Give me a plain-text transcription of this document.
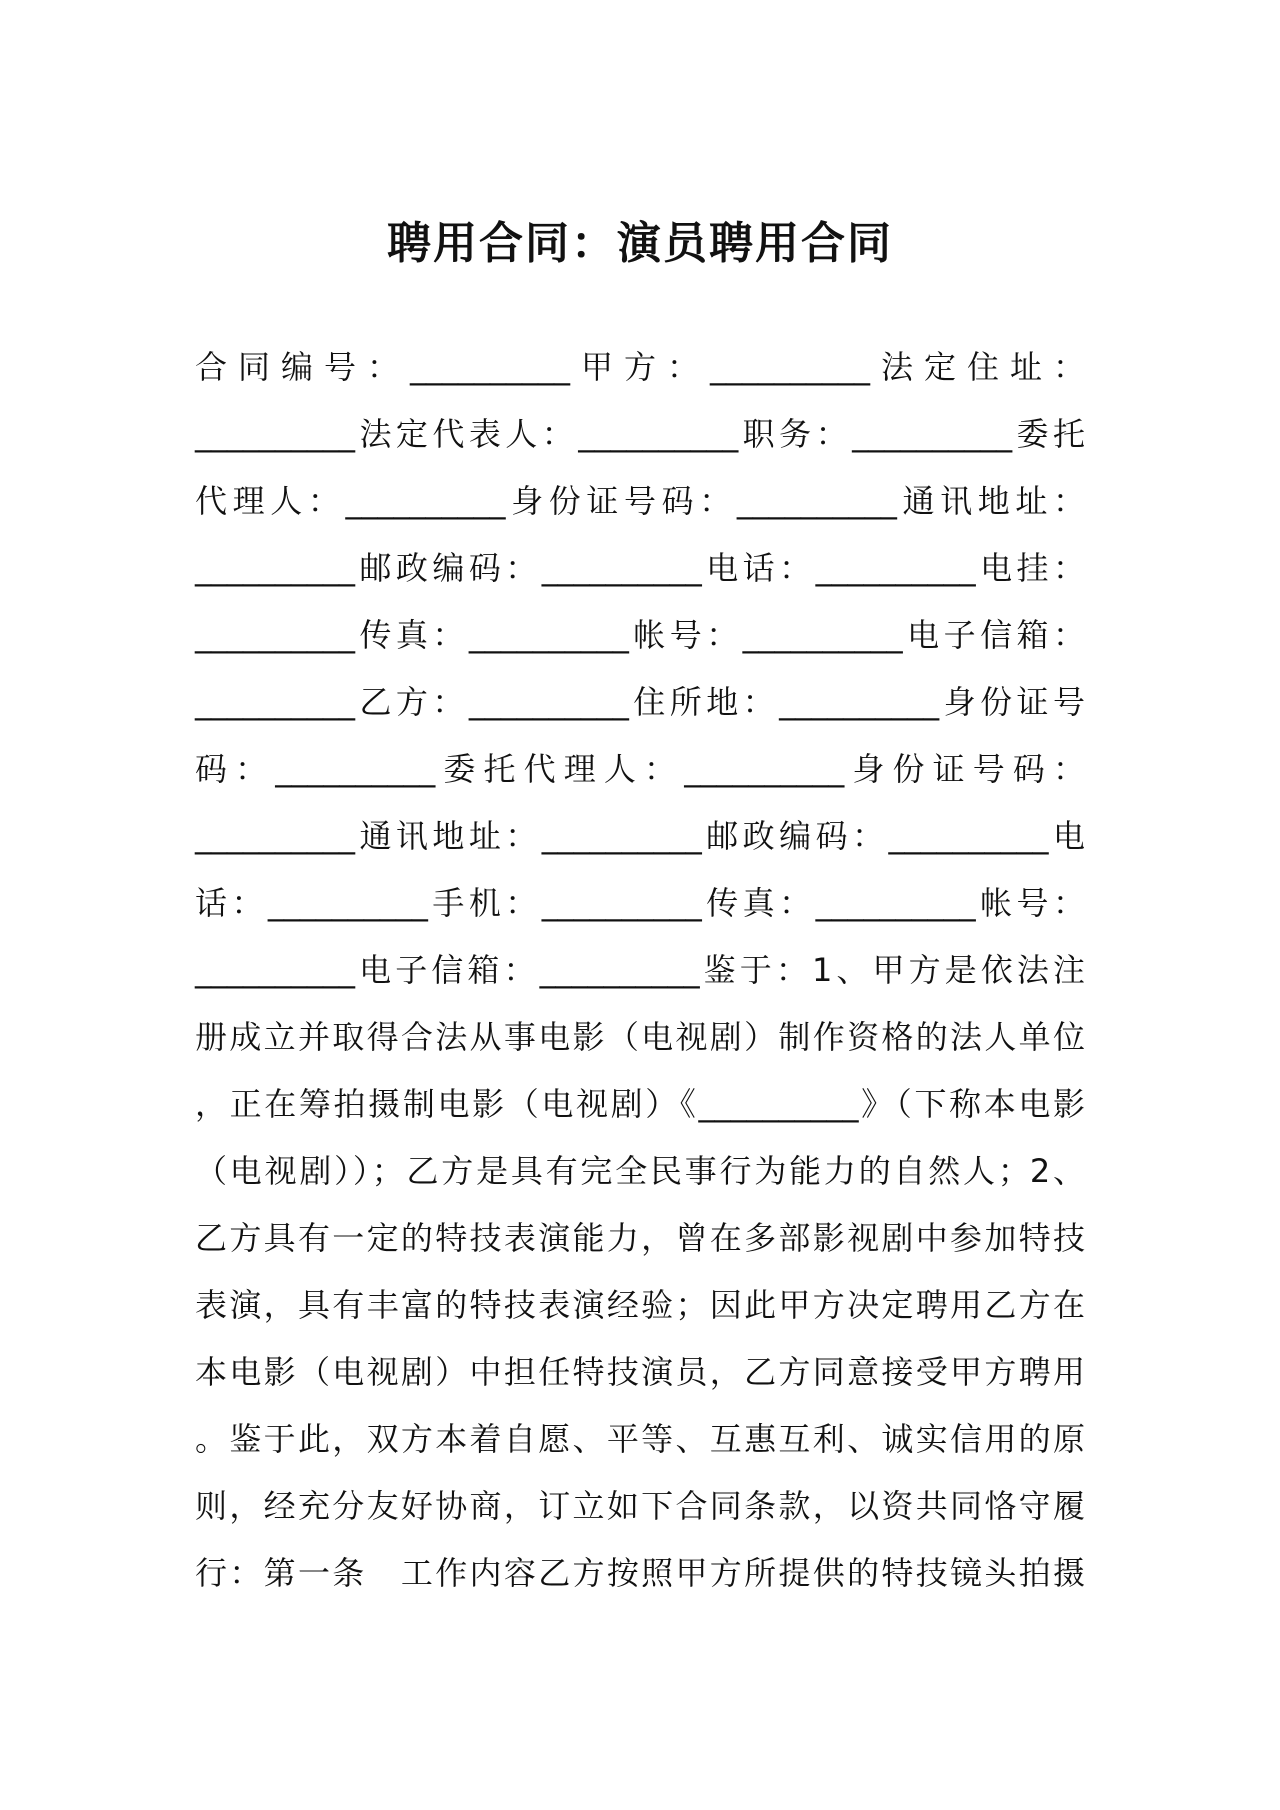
聘用合同：演员聘用合同
合同编号：__________甲方：__________法定住址：
__________法定代表人：__________职务：__________委托
代理人：__________身份证号码：__________通讯地址：
__________邮政编码：__________电话：__________电挂：
__________传真：__________帐号：__________电子信箱：
__________乙方：__________住所地：__________身份证号
码：__________委托代理人：__________身份证号码：
__________通讯地址：__________邮政编码：__________电
话：__________手机：__________传真：__________帐号：
__________电子信箱：__________鉴于：1、甲方是依法注
册成立并取得合法从事电影（电视剧）制作资格的法人单位
，正在筹拍摄制电影（电视剧）《__________》（下称本电影
（电视剧））；乙方是具有完全民事行为能力的自然人；2、
乙方具有一定的特技表演能力，曾在多部影视剧中参加特技
表演，具有丰富的特技表演经验；因此甲方决定聘用乙方在
本电影（电视剧）中担任特技演员，乙方同意接受甲方聘用
。鉴于此，双方本着自愿、平等、互惠互利、诚实信用的原
则，经充分友好协商，订立如下合同条款，以资共同恪守履
行：第一条　工作内容乙方按照甲方所提供的特技镜头拍摄
